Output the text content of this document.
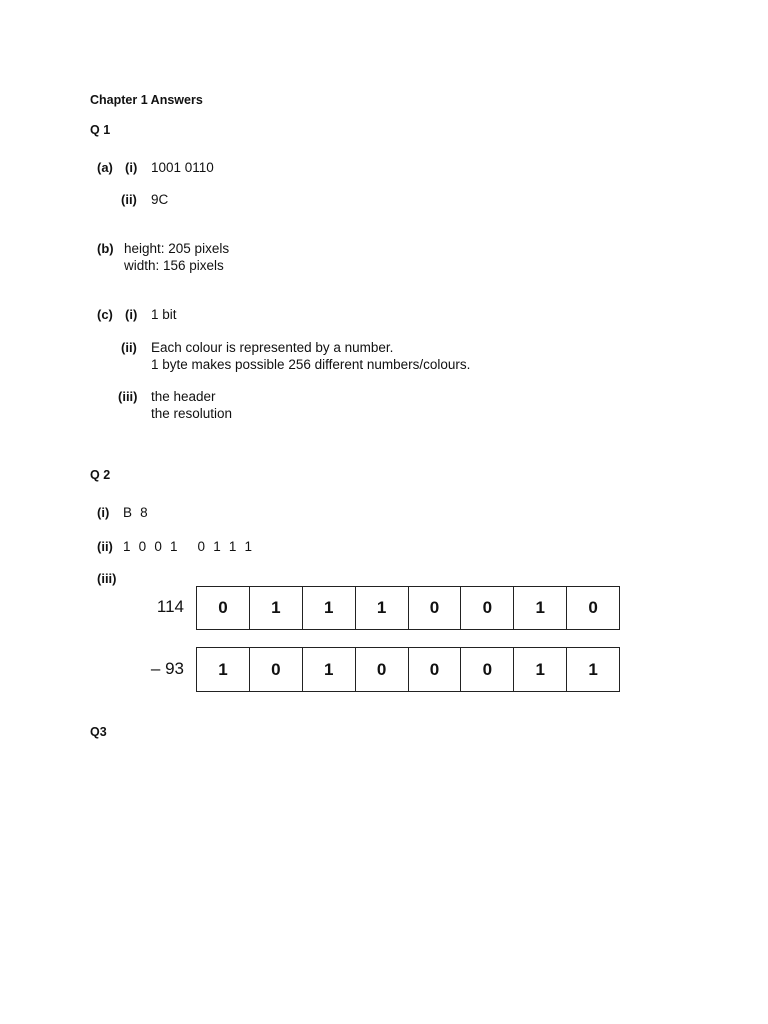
Chapter 1 Answers
Q 1
(a) (i) 1001 0110
(ii) 9C
(b) height: 205 pixels
width: 156 pixels
(c) (i) 1 bit
(ii) Each colour is represented by a number.
1 byte makes possible 256 different numbers/colours.
(iii) the header
the resolution
Q 2
(i) B 8
(ii) 1 0 0 1   0 1 1 1
(iii)
114	0	1	1	1	0	0	1	0
– 93	1	0	1	0	0	0	1	1
Q3
